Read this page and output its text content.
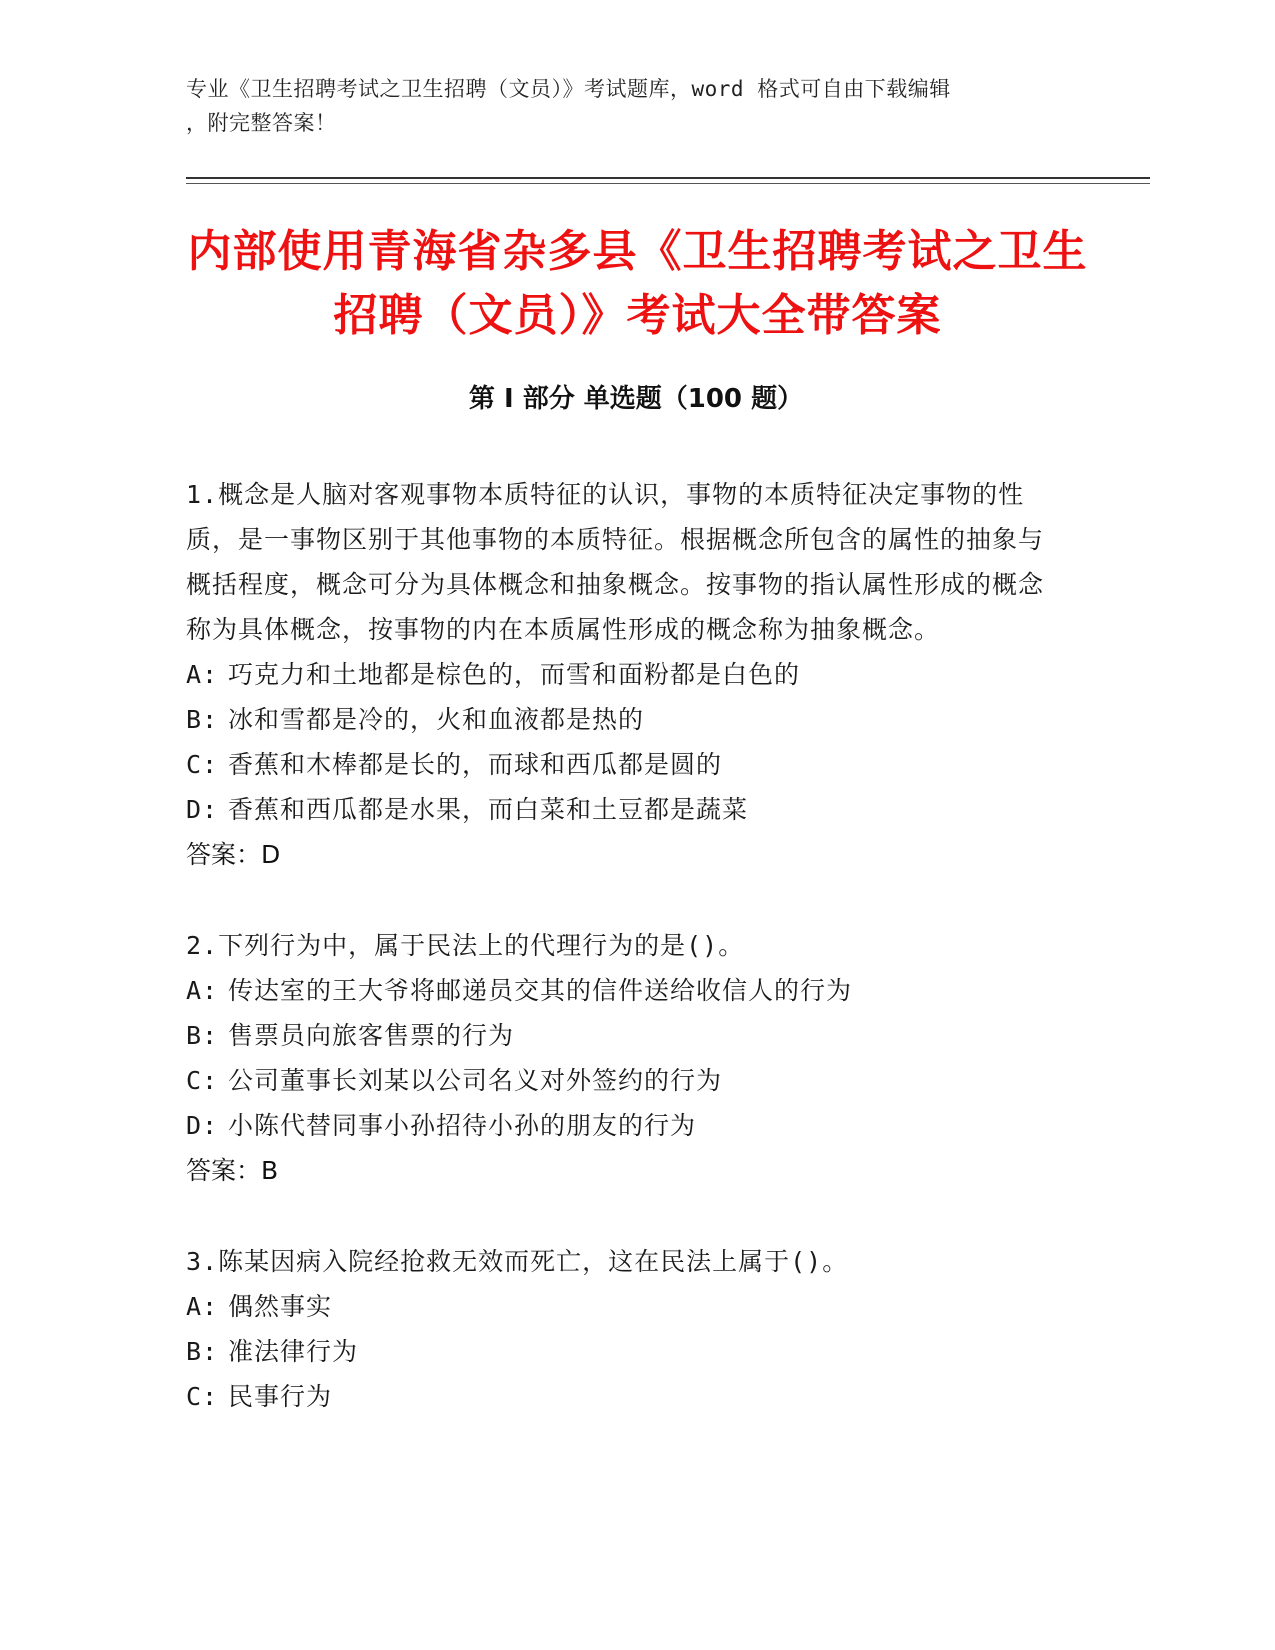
专业《卫生招聘考试之卫生招聘（文员）》考试题库，word 格式可自由下载编辑
，附完整答案！
内部使用青海省杂多县《卫生招聘考试之卫生招聘（文员）》考试大全带答案
第 I 部分 单选题（100 题）
1.概念是人脑对客观事物本质特征的认识，事物的本质特征决定事物的性质，是一事物区别于其他事物的本质特征。根据概念所包含的属性的抽象与概括程度，概念可分为具体概念和抽象概念。按事物的指认属性形成的概念称为具体概念，按事物的内在本质属性形成的概念称为抽象概念。
A: 巧克力和土地都是棕色的，而雪和面粉都是白色的
B: 冰和雪都是冷的，火和血液都是热的
C: 香蕉和木棒都是长的，而球和西瓜都是圆的
D: 香蕉和西瓜都是水果，而白菜和土豆都是蔬菜
答案：D
2.下列行为中，属于民法上的代理行为的是()。
A: 传达室的王大爷将邮递员交其的信件送给收信人的行为
B: 售票员向旅客售票的行为
C: 公司董事长刘某以公司名义对外签约的行为
D: 小陈代替同事小孙招待小孙的朋友的行为
答案：B
3.陈某因病入院经抢救无效而死亡，这在民法上属于()。
A: 偶然事实
B: 准法律行为
C: 民事行为
